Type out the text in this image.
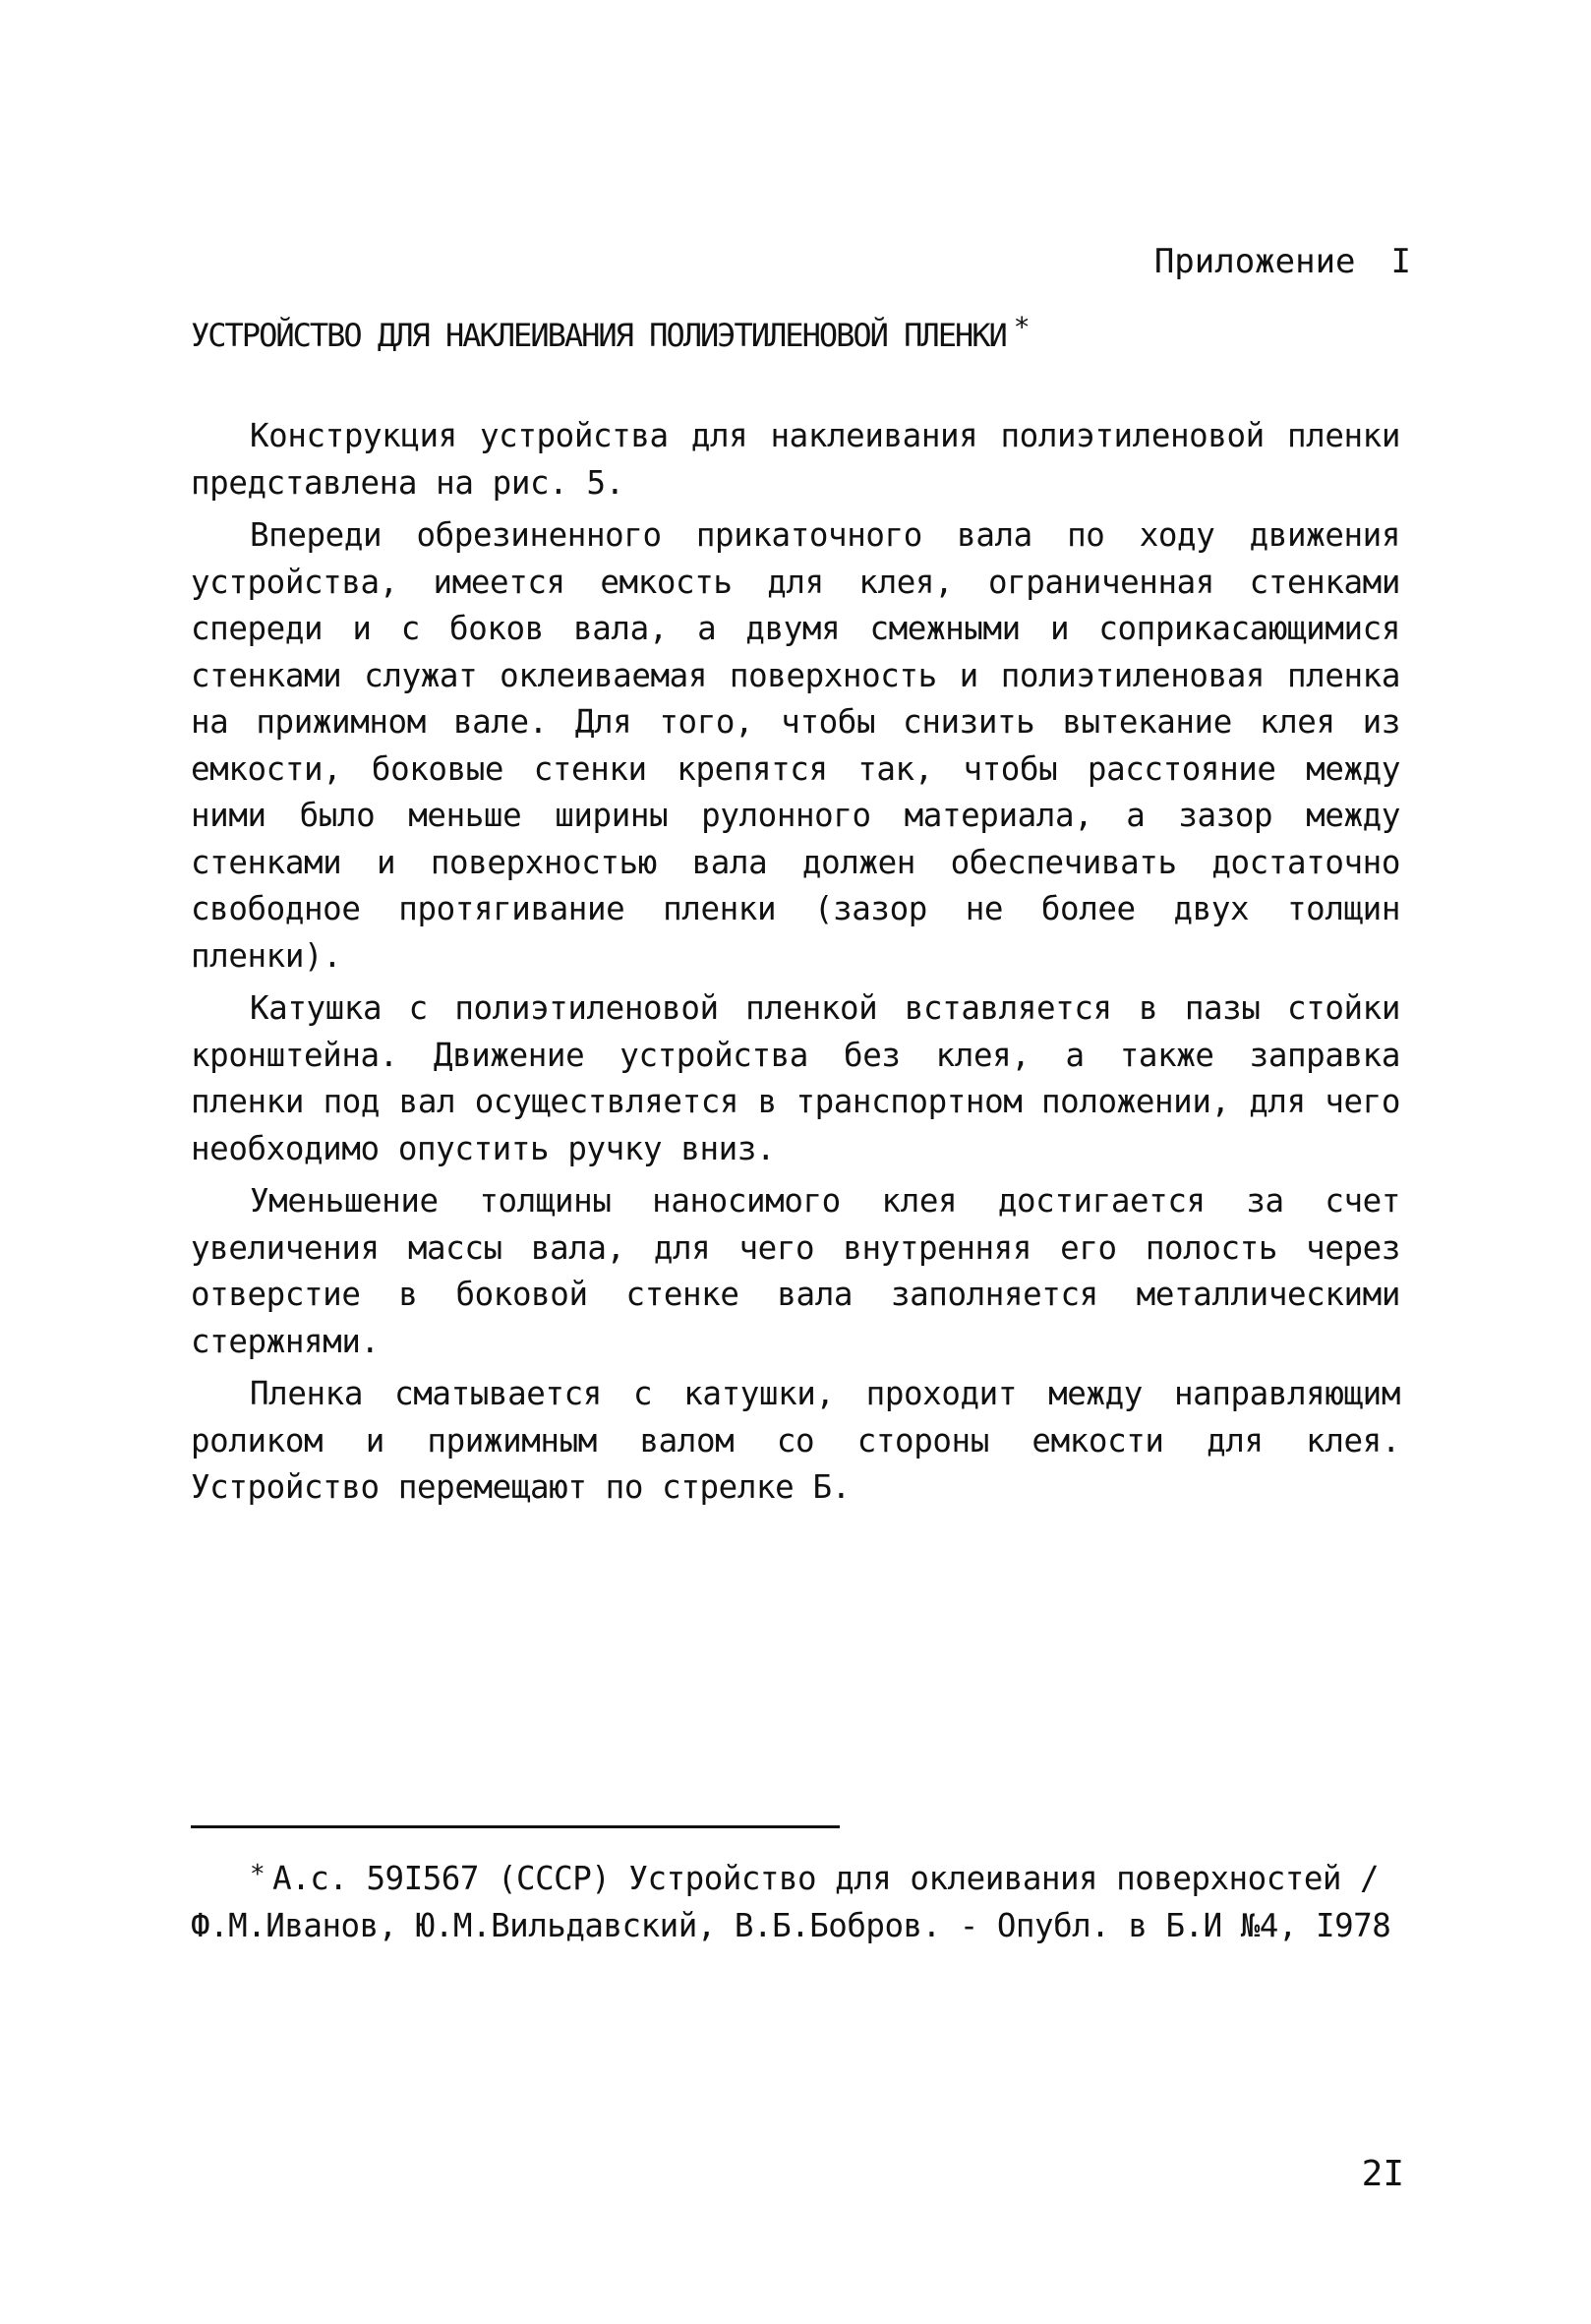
Приложение I
УСТРОЙСТВО ДЛЯ НАКЛЕИВАНИЯ ПОЛИЭТИЛЕНОВОЙ ПЛЕНКИ *

Конструкция устройства для наклеивания полиэтиленовой пленки представлена на рис. 5.

Впереди обрезиненного прикаточного вала по ходу движения устройства, имеется емкость для клея, ограниченная стенками спереди и с боков вала, а двумя смежными и соприкасающимися стенками служат оклеиваемая поверхность и полиэтиленовая пленка на прижимном вале. Для того, чтобы снизить вытекание клея из емкости, боковые стенки крепятся так, чтобы расстояние между ними было меньше ширины рулонного материала, а зазор между стенками и поверхностью вала должен обеспечивать достаточно свободное протягивание пленки (зазор не более двух толщин пленки).

Катушка с полиэтиленовой пленкой вставляется в пазы стойки кронштейна. Движение устройства без клея, а также заправка пленки под вал осуществляется в транспортном положении, для чего необходимо опустить ручку вниз.

Уменьшение толщины наносимого клея достигается за счет увеличения массы вала, для чего внутренняя его полость через отверстие в боковой стенке вала заполняется металлическими стержнями.

Пленка сматывается с катушки, проходит между направляющим роликом и прижимным валом со стороны емкости для клея. Устройство перемещают по стрелке Б.

* А.с. 59I567 (СССР) Устройство для оклеивания поверхностей / Ф.М.Иванов, Ю.М.Вильдавский, В.Б.Бобров. - Опубл. в Б.И №4, I978
2I
